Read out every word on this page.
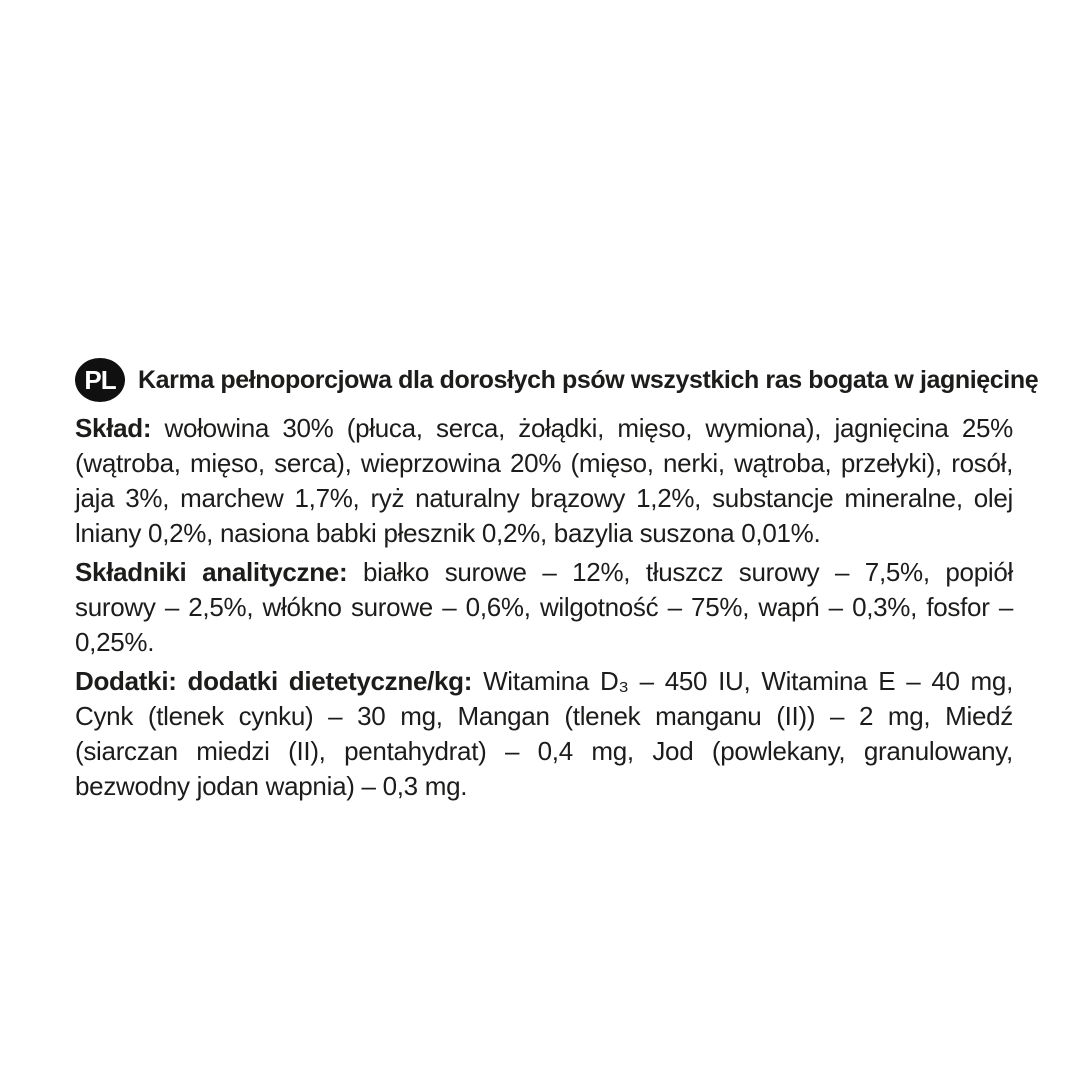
PL Karma pełnoporcjowa dla dorosłych psów wszystkich ras bogata w jagnięcinę

Skład: wołowina 30% (płuca, serca, żołądki, mięso, wymiona), jagnięcina 25% (wątroba, mięso, serca), wieprzowina 20% (mięso, nerki, wątroba, przełyki), rosół, jaja 3%, marchew 1,7%, ryż naturalny brązowy 1,2%, substancje mineralne, olej lniany 0,2%, nasiona babki płesznik 0,2%, bazylia suszona 0,01%.

Składniki analityczne: białko surowe – 12%, tłuszcz surowy – 7,5%, popiół surowy – 2,5%, włókno surowe – 0,6%, wilgotność – 75%, wapń – 0,3%, fosfor – 0,25%.

Dodatki: dodatki dietetyczne/kg: Witamina D₃ – 450 IU, Witamina E – 40 mg, Cynk (tlenek cynku) – 30 mg, Mangan (tlenek manganu (II)) – 2 mg, Miedź (siarczan miedzi (II), pentahydrat) – 0,4 mg, Jod (powlekany, granulowany, bezwodny jodan wapnia) – 0,3 mg.
